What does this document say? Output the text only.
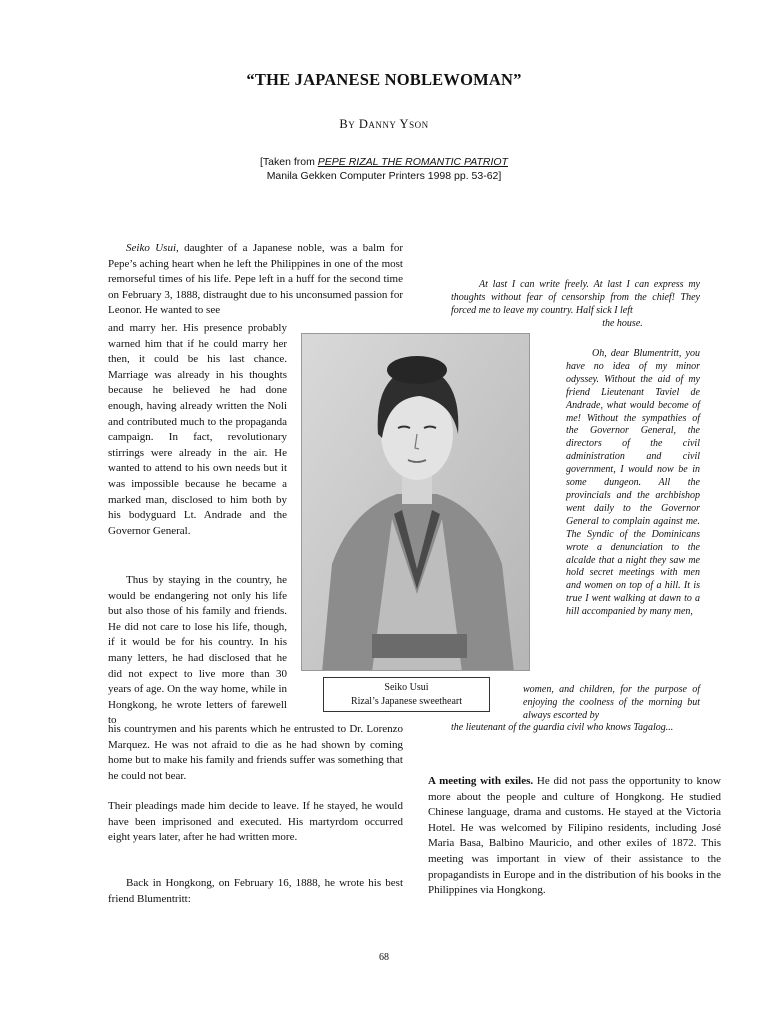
“THE JAPANESE NOBLEWOMAN”
By Danny Yson
[Taken from PEPE RIZAL THE ROMANTIC PATRIOT
Manila Gekken Computer Printers 1998 pp. 53-62]

Seiko Usui, daughter of a Japanese noble, was a balm for Pepe’s aching heart when he left the Philippines in one of the most remorseful times of his life. Pepe left in a huff for the second time on February 3, 1888, distraught due to his unconsumed passion for Leonor. He wanted to see

and marry her. His presence probably warned him that if he could marry her then, it could be his last chance. Marriage was already in his thoughts because he believed he had done enough, having already written the Noli and contributed much to the propaganda campaign. In fact, revolutionary stirrings were already in the air. He wanted to attend to his own needs but it was impossible because he became a marked man, disclosed to him both by his bodyguard Lt. Andrade and the Governor General.

Thus by staying in the country, he would be endangering not only his life but also those of his family and friends. He did not care to lose his life, though, if it would be for his country. In his many letters, he had disclosed that he did not expect to live more than 30 years of age. On the way home, while in Hongkong, he wrote letters of farewell to

his countrymen and his parents which he entrusted to Dr. Lorenzo Marquez. He was not afraid to die as he had shown by coming home but to make his family and friends suffer was something that he could not bear.

Their pleadings made him decide to leave. If he stayed, he would have been imprisoned and executed. His martyrdom occurred eight years later, after he had written more.

Back in Hongkong, on February 16, 1888, he wrote his best friend Blumentritt:

At last I can write freely. At last I can express my thoughts without fear of censorship from the chief! They forced me to leave my country. Half sick I left

the house.

Oh, dear Blumentritt, you have no idea of my minor odyssey. Without the aid of my friend Lieutenant Taviel de Andrade, what would become of me! Without the sympathies of the Governor General, the directors of the civil administration and civil government, I would now be in some dungeon. All the provincials and the archbishop went daily to the Governor General to complain against me. The Syndic of the Dominicans wrote a denunciation to the alcalde that a night they saw me hold secret meetings with men and women on top of a hill. It is true I went walking at dawn to a hill accompanied by many men,

women, and children, for the purpose of enjoying the coolness of the morning but always escorted by

the lieutenant of the guardia civil who knows Tagalog...

Seiko Usui
Rizal’s Japanese sweetheart

A meeting with exiles. He did not pass the opportunity to know more about the people and culture of Hongkong. He studied Chinese language, drama and customs. He stayed at the Victoria Hotel. He was welcomed by Filipino residents, including José Maria Basa, Balbino Mauricio, and other exiles of 1872. This meeting was important in view of their assistance to the propagandists in Europe and in the distribution of his books in the Philippines via Hongkong.

68
